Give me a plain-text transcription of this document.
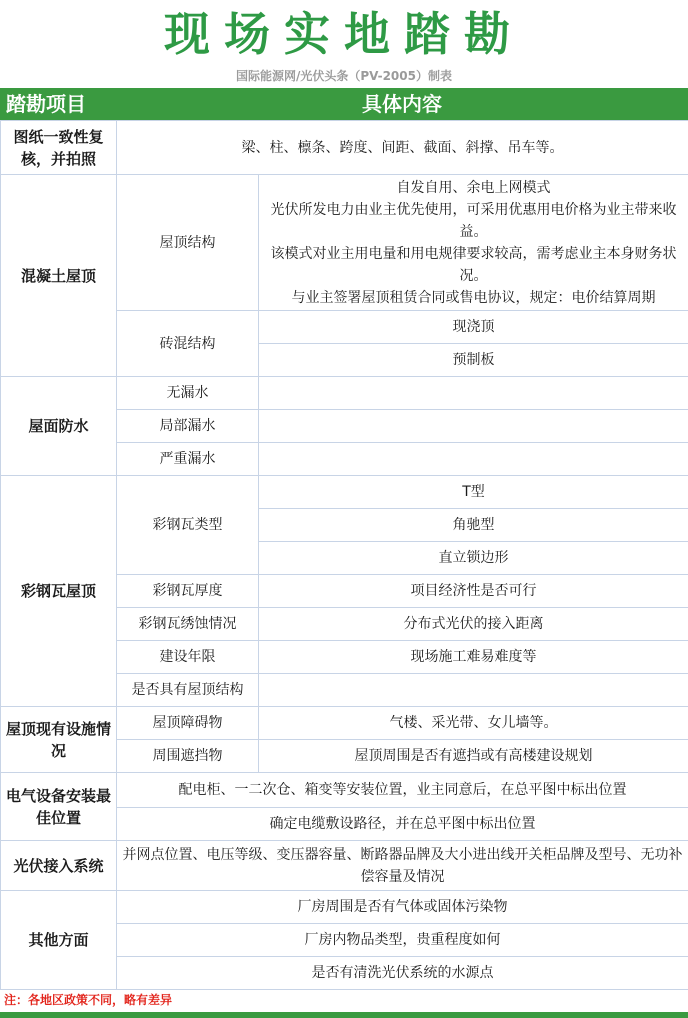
现场实地踏勘
国际能源网/光伏头条（PV-2005）制表
踏勘项目	具体内容
图纸一致性复核，并拍照	梁、柱、檩条、跨度、间距、截面、斜撑、吊车等。	
混凝土屋顶	屋顶结构	自发自用、余电上网模式
光伏所发电力由业主优先使用，可采用优惠用电价格为业主带来收益。
该模式对业主用电量和用电规律要求较高，需考虑业主本身财务状况。
与业主签署屋顶租赁合同或售电协议，规定：电价结算周期

	砖混结构	现浇顶
		预制板
屋面防水	无漏水	
	局部漏水	
	严重漏水	
彩钢瓦屋顶	彩钢瓦类型	T型
		角驰型
		直立锁边形
	彩钢瓦厚度	项目经济性是否可行
	彩钢瓦绣蚀情况	分布式光伏的接入距离
	建设年限	现场施工难易难度等
	是否具有屋顶结构	
屋顶现有设施情况	屋顶障碍物	气楼、采光带、女儿墙等。
	周围遮挡物	屋顶周围是否有遮挡或有高楼建设规划
电气设备安装最佳位置	配电柜、一二次仓、箱变等安装位置，业主同意后，在总平图中标出位置	
	确定电缆敷设路径，并在总平图中标出位置	
光伏接入系统	并网点位置、电压等级、变压器容量、断路器品牌及大小进出线开关柜品牌及型号、无功补偿容量及情况	
其他方面	厂房周围是否有气体或固体污染物	
	厂房内物品类型，贵重程度如何	
	是否有清洗光伏系统的水源点	
注：各地区政策不同，略有差异
